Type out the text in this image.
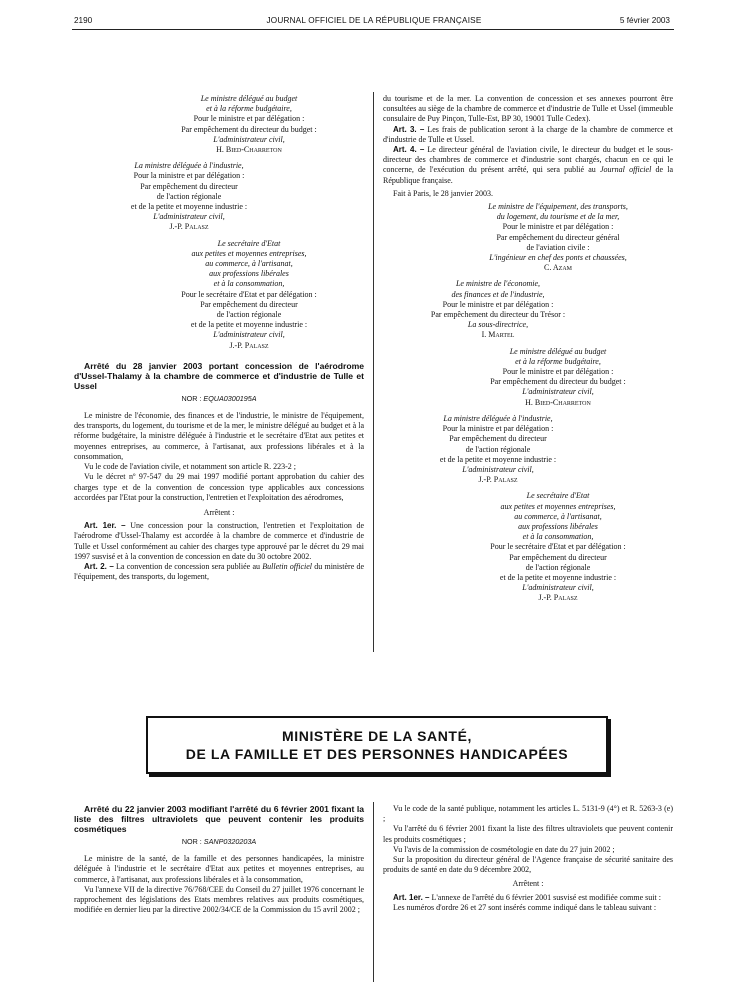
2190	JOURNAL OFFICIEL DE LA RÉPUBLIQUE FRANÇAISE	5 février 2003
Le ministre délégué au budget
et à la réforme budgétaire,
Pour le ministre et par délégation :
Par empêchement du directeur du budget :
L'administrateur civil,
H. Bied-Charreton
La ministre déléguée à l'industrie,
Pour la ministre et par délégation :
Par empêchement du directeur
de l'action régionale
et de la petite et moyenne industrie :
L'administrateur civil,
J.-P. Palasz
Le secrétaire d'Etat
aux petites et moyennes entreprises,
au commerce, à l'artisanat,
aux professions libérales
et à la consommation,
Pour le secrétaire d'Etat et par délégation :
Par empêchement du directeur
de l'action régionale
et de la petite et moyenne industrie :
L'administrateur civil,
J.-P. Palasz
Arrêté du 28 janvier 2003 portant concession de l'aérodrome d'Ussel-Thalamy à la chambre de commerce et d'industrie de Tulle et Ussel
NOR : EQUA0300195A

Le ministre de l'économie, des finances et de l'industrie, le ministre de l'équipement, des transports, du logement, du tourisme et de la mer, le ministre délégué au budget et à la réforme budgétaire, la ministre déléguée à l'industrie et le secrétaire d'Etat aux petites et moyennes entreprises, au commerce, à l'artisanat, aux professions libérales et à la consommation,

Vu le code de l'aviation civile, et notamment son article R. 223-2 ;

Vu le décret nº 97-547 du 29 mai 1997 modifié portant approbation du cahier des charges type et de la convention de concession type applicables aux concessions accordées par l'Etat pour la construction, l'entretien et l'exploitation des aérodromes,

Arrêtent :

Art. 1er. – Une concession pour la construction, l'entretien et l'exploitation de l'aérodrome d'Ussel-Thalamy est accordée à la chambre de commerce et d'industrie de Tulle et Ussel conformément au cahier des charges type approuvé par le décret du 29 mai 1997 susvisé et à la convention de concession en date du 30 octobre 2002.

Art. 2. – La convention de concession sera publiée au Bulletin officiel du ministère de l'équipement, des transports, du logement,

du tourisme et de la mer. La convention de concession et ses annexes pourront être consultées au siège de la chambre de commerce et d'industrie de Tulle et Ussel (immeuble consulaire de Puy Pinçon, Tulle-Est, BP 30, 19001 Tulle Cedex).

Art. 3. – Les frais de publication seront à la charge de la chambre de commerce et d'industrie de Tulle et Ussel.

Art. 4. – Le directeur général de l'aviation civile, le directeur du budget et le sous-directeur des chambres de commerce et d'industrie sont chargés, chacun en ce qui le concerne, de l'exécution du présent arrêté, qui sera publié au Journal officiel de la République française.

Fait à Paris, le 28 janvier 2003.

Le ministre de l'équipement, des transports,
du logement, du tourisme et de la mer,
Pour le ministre et par délégation :
Par empêchement du directeur général
de l'aviation civile :
L'ingénieur en chef des ponts et chaussées,
C. Azam
Le ministre de l'économie,
des finances et de l'industrie,
Pour le ministre et par délégation :
Par empêchement du directeur du Trésor :
La sous-directrice,
I. Martel
Le ministre délégué au budget
et à la réforme budgétaire,
Pour le ministre et par délégation :
Par empêchement du directeur du budget :
L'administrateur civil,
H. Bied-Charreton
La ministre déléguée à l'industrie,
Pour la ministre et par délégation :
Par empêchement du directeur
de l'action régionale
et de la petite et moyenne industrie :
L'administrateur civil,
J.-P. Palasz
Le secrétaire d'Etat
aux petites et moyennes entreprises,
au commerce, à l'artisanat,
aux professions libérales
et à la consommation,
Pour le secrétaire d'Etat et par délégation :
Par empêchement du directeur
de l'action régionale
et de la petite et moyenne industrie :
L'administrateur civil,
J.-P. Palasz
MINISTÈRE DE LA SANTÉ,
DE LA FAMILLE ET DES PERSONNES HANDICAPÉES
Arrêté du 22 janvier 2003 modifiant l'arrêté du 6 février 2001 fixant la liste des filtres ultraviolets que peuvent contenir les produits cosmétiques
NOR : SANP0320203A

Le ministre de la santé, de la famille et des personnes handicapées, la ministre déléguée à l'industrie et le secrétaire d'Etat aux petites et moyennes entreprises, au commerce, à l'artisanat, aux professions libérales et à la consommation,

Vu l'annexe VII de la directive 76/768/CEE du Conseil du 27 juillet 1976 concernant le rapprochement des législations des Etats membres relatives aux produits cosmétiques, modifiée en dernier lieu par la directive 2002/34/CE de la Commission du 15 avril 2002 ;

Vu le code de la santé publique, notamment les articles L. 5131-9 (4°) et R. 5263-3 (e) ;

Vu l'arrêté du 6 février 2001 fixant la liste des filtres ultraviolets que peuvent contenir les produits cosmétiques ;

Vu l'avis de la commission de cosmétologie en date du 27 juin 2002 ;

Sur la proposition du directeur général de l'Agence française de sécurité sanitaire des produits de santé en date du 9 décembre 2002,

Arrêtent :

Art. 1er. – L'annexe de l'arrêté du 6 février 2001 susvisé est modifiée comme suit :

Les numéros d'ordre 26 et 27 sont insérés comme indiqué dans le tableau suivant :
